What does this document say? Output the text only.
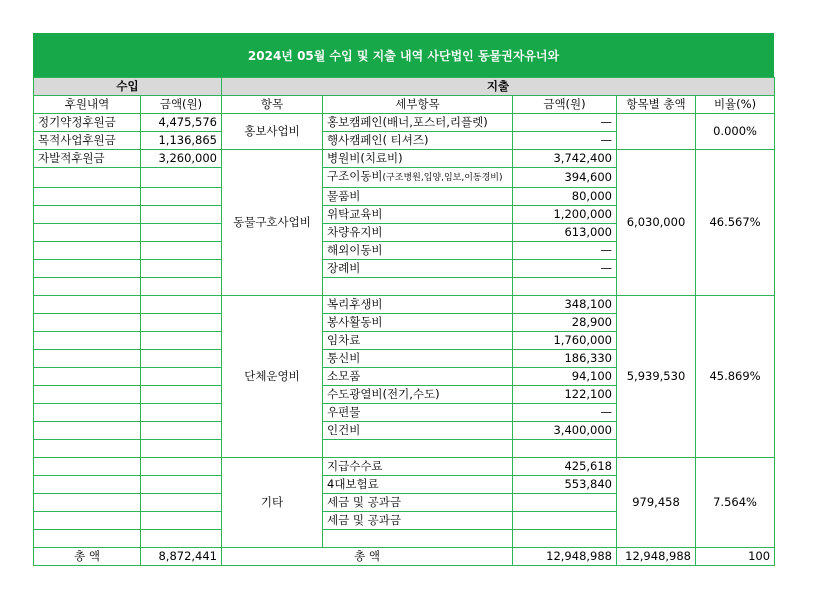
2024년 05월 수입 및 지출 내역 사단법인 동물권자유너와
수입		지출				
후원내역	금액(원)	항목	세부항목	금액(원)	항목별 총액	비율(%)
정기약정후원금	4,475,576	홍보사업비	홍보캠페인(배너,포스터,리플렛)	—		0.000%
목적사업후원금	1,136,865		행사캠페인( 티셔즈)	—		
자발적후원금	3,260,000	동물구호사업비	병원비(치료비)	3,742,400	6,030,000	46.567%
			구조이동비(구조병원,입양,임보,이동경비)	394,600		
			물품비	80,000		
			위탁교육비	1,200,000		
			차량유지비	613,000		
			해외이동비	—		
			장례비	—		

		단체운영비	복리후생비	348,100	5,939,530	45.869%
			봉사활동비	28,900		
			임차료	1,760,000		
			통신비	186,330		
			소모품	94,100		
			수도광열비(전기,수도)	122,100		
			우편물	—		
			인건비	3,400,000		

		기타	지급수수료	425,618	979,458	7.564%
			4대보험료	553,840		
			세금 및 공과금			
			세금 및 공과금			

총 액	8,872,441	총 액		12,948,988	12,948,988	100
